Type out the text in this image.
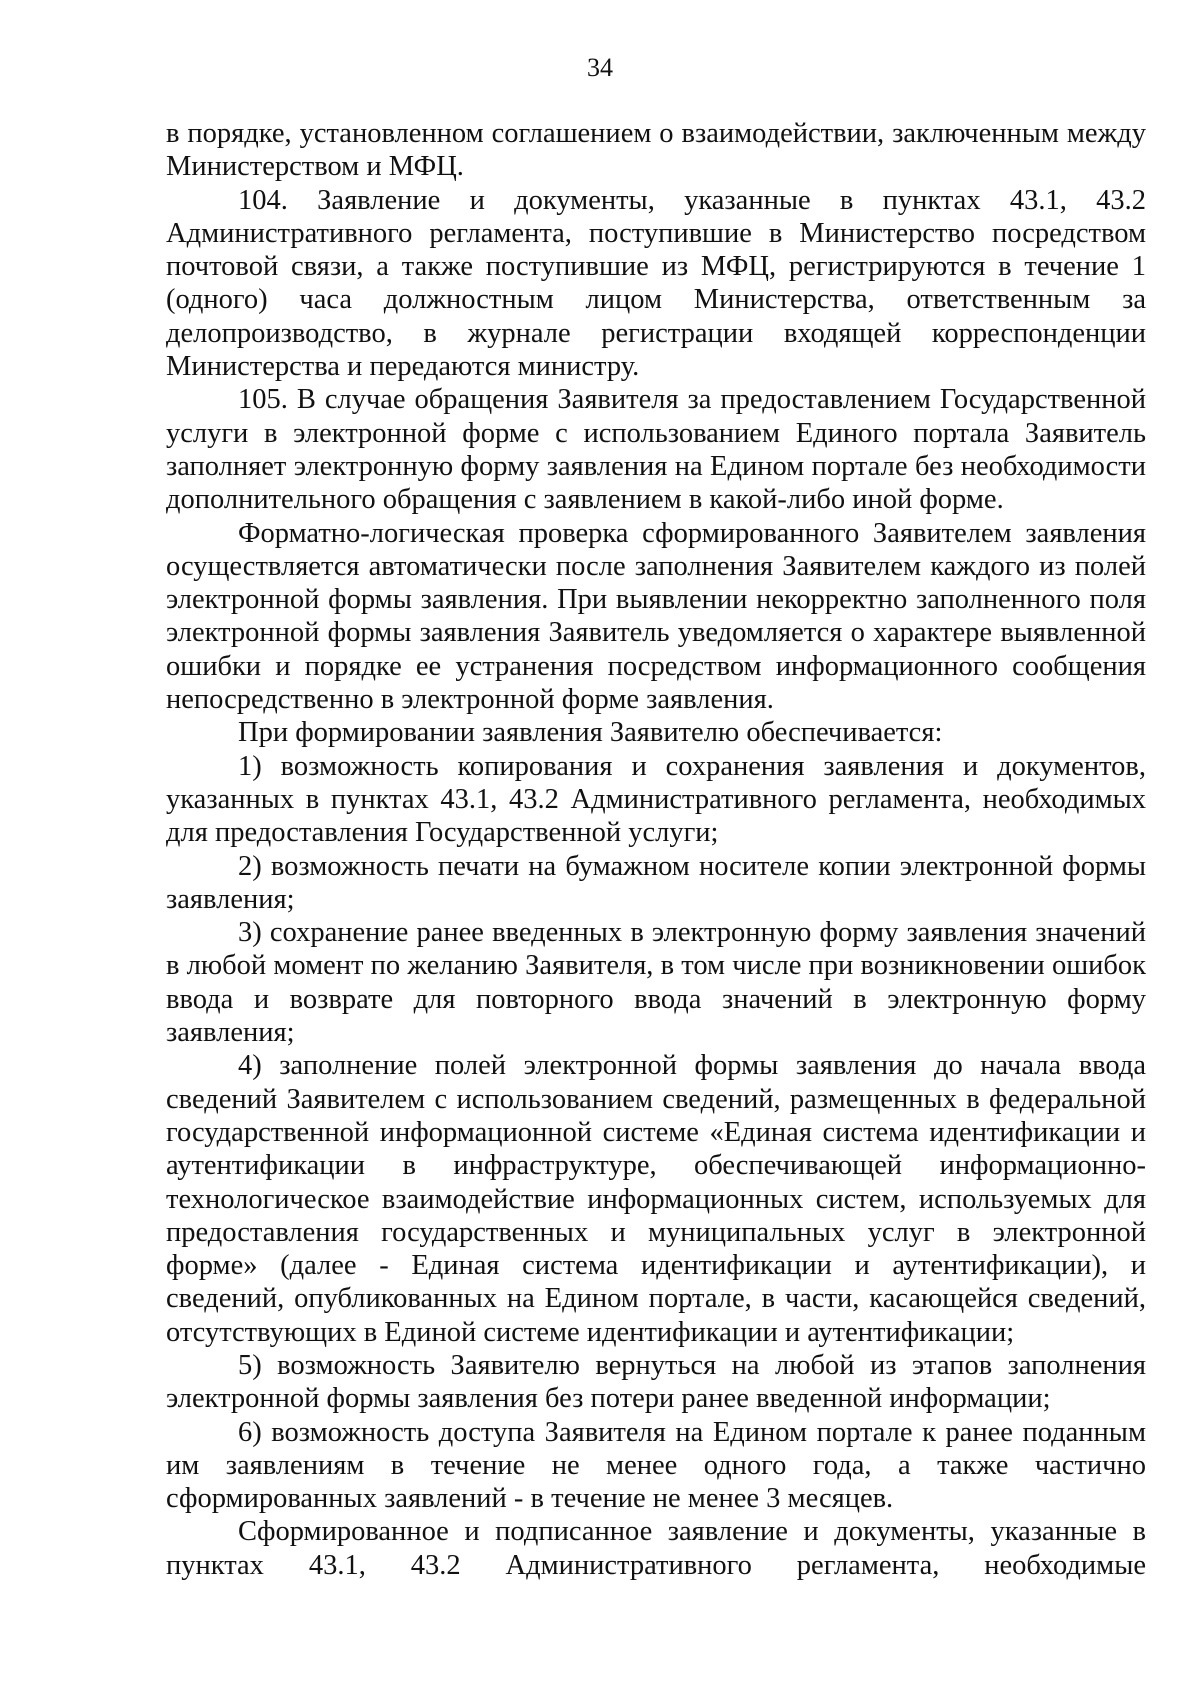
34

в порядке, установленном соглашением о взаимодействии, заключенным между Министерством и МФЦ.

104. Заявление и документы, указанные в пунктах 43.1, 43.2 Административного регламента, поступившие в Министерство посредством почтовой связи, а также поступившие из МФЦ, регистрируются в течение 1 (одного) часа должностным лицом Министерства, ответственным за делопроизводство, в журнале регистрации входящей корреспонденции Министерства и передаются министру.

105. В случае обращения Заявителя за предоставлением Государственной услуги в электронной форме с использованием Единого портала Заявитель заполняет электронную форму заявления на Едином портале без необходимости дополнительного обращения с заявлением в какой-либо иной форме.

Форматно-логическая проверка сформированного Заявителем заявления осуществляется автоматически после заполнения Заявителем каждого из полей электронной формы заявления. При выявлении некорректно заполненного поля электронной формы заявления Заявитель уведомляется о характере выявленной ошибки и порядке ее устранения посредством информационного сообщения непосредственно в электронной форме заявления.

При формировании заявления Заявителю обеспечивается:

1) возможность копирования и сохранения заявления и документов, указанных в пунктах 43.1, 43.2 Административного регламента, необходимых для предоставления Государственной услуги;

2) возможность печати на бумажном носителе копии электронной формы заявления;

3) сохранение ранее введенных в электронную форму заявления значений в любой момент по желанию Заявителя, в том числе при возникновении ошибок ввода и возврате для повторного ввода значений в электронную форму заявления;

4) заполнение полей электронной формы заявления до начала ввода сведений Заявителем с использованием сведений, размещенных в федеральной государственной информационной системе «Единая система идентификации и аутентификации в инфраструктуре, обеспечивающей информационно-технологическое взаимодействие информационных систем, используемых для предоставления государственных и муниципальных услуг в электронной форме» (далее - Единая система идентификации и аутентификации), и сведений, опубликованных на Едином портале, в части, касающейся сведений, отсутствующих в Единой системе идентификации и аутентификации;

5) возможность Заявителю вернуться на любой из этапов заполнения электронной формы заявления без потери ранее введенной информации;

6) возможность доступа Заявителя на Едином портале к ранее поданным им заявлениям в течение не менее одного года, а также частично сформированных заявлений - в течение не менее 3 месяцев.

Сформированное и подписанное заявление и документы, указанные в пунктах 43.1, 43.2 Административного регламента, необходимые
